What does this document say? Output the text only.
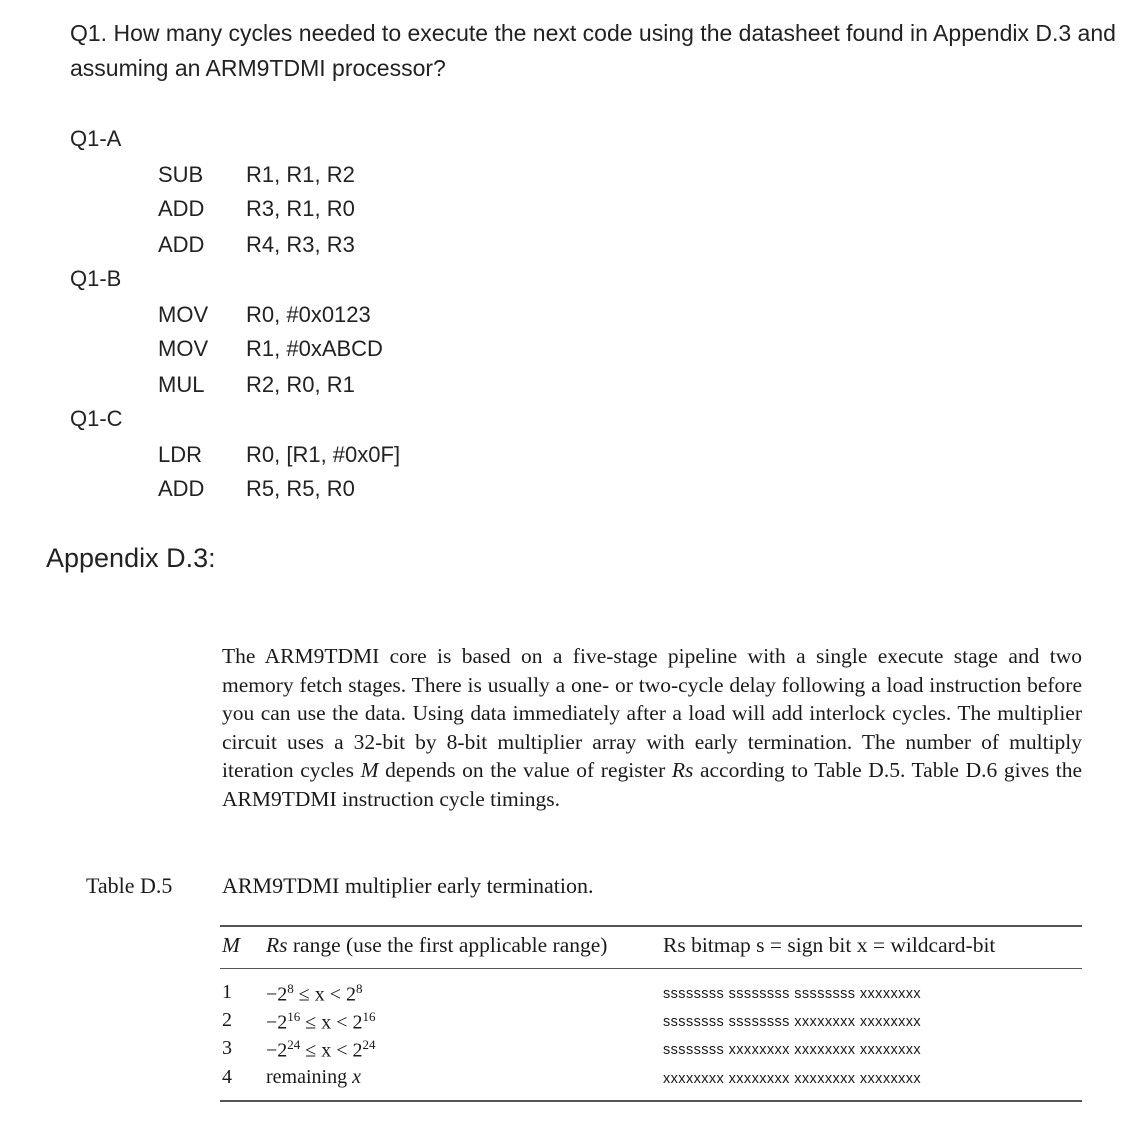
Q1. How many cycles needed to execute the next code using the datasheet found in Appendix D.3 and assuming an ARM9TDMI processor?
Q1-A
SUB R1, R1, R2
ADD R3, R1, R0
ADD R4, R3, R3
Q1-B
MOV R0, #0x0123
MOV R1, #0xABCD
MUL R2, R0, R1
Q1-C
LDR R0, [R1, #0x0F]
ADD R5, R5, R0
Appendix D.3:
The ARM9TDMI core is based on a five-stage pipeline with a single execute stage and two memory fetch stages. There is usually a one- or two-cycle delay following a load instruction before you can use the data. Using data immediately after a load will add interlock cycles. The multiplier circuit uses a 32-bit by 8-bit multiplier array with early termination. The number of multiply iteration cycles M depends on the value of register Rs according to Table D.5. Table D.6 gives the ARM9TDMI instruction cycle timings.
Table D.5 ARM9TDMI multiplier early termination.
M Rs range (use the first applicable range)	Rs bitmap s = sign bit x = wildcard-bit
$1 -2^8 \le x < 2^8$	ssssssss ssssssss ssssssss xxxxxxxx
$2 -2^{16} \le x < 2^{16}$	ssssssss ssssssss xxxxxxxx xxxxxxxx
$3 -2^{24} \le x < 2^{24}$	ssssssss xxxxxxxx xxxxxxxx xxxxxxxx
4 remaining x	xxxxxxxx xxxxxxxx xxxxxxxx xxxxxxxx
